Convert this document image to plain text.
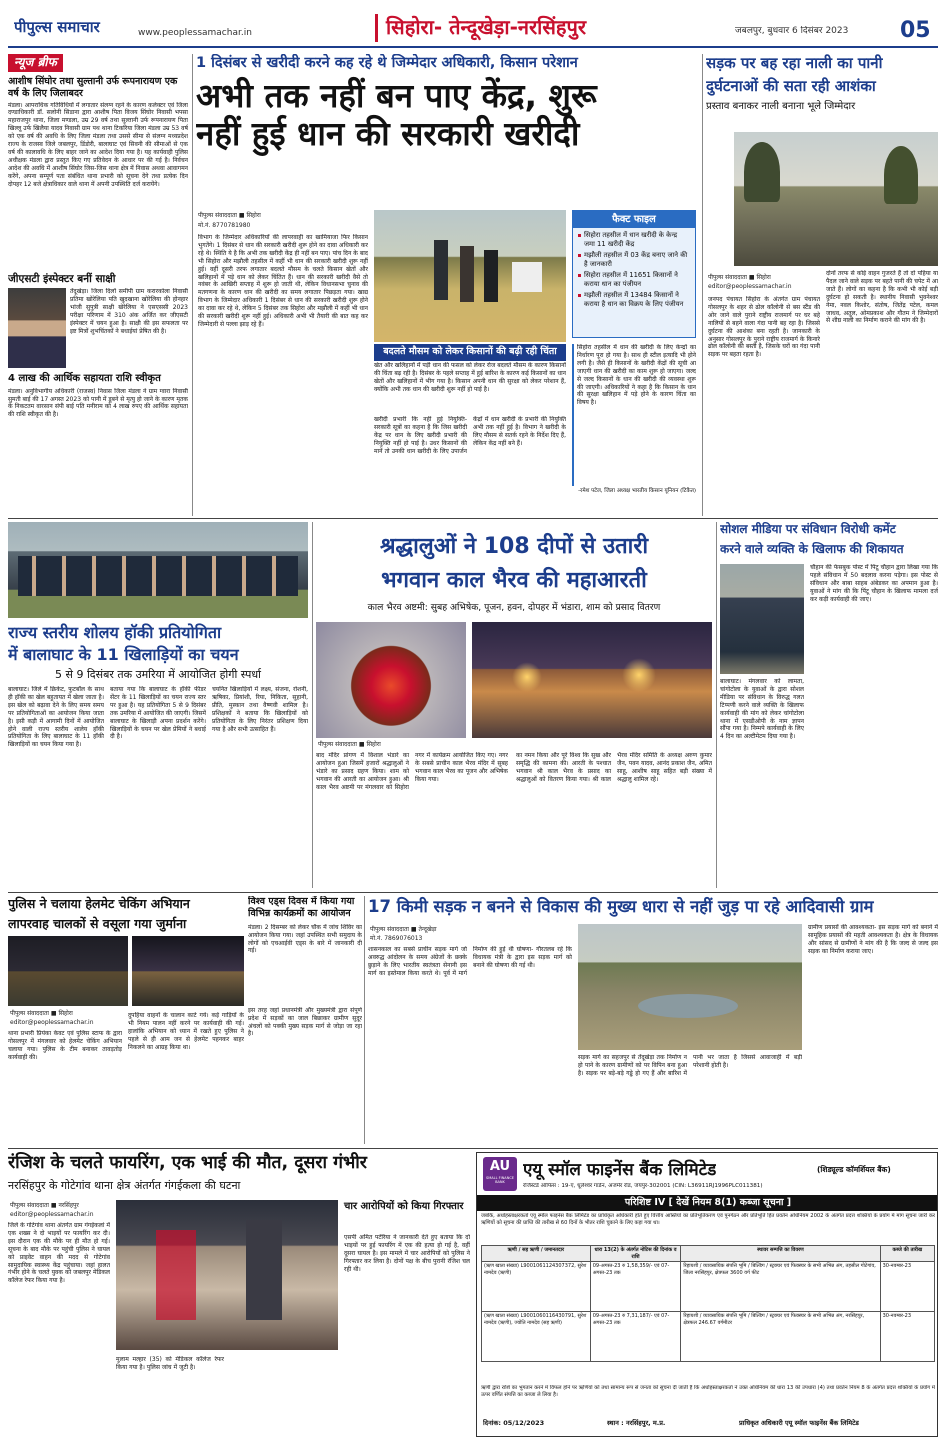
पीपुल्स समाचार	www.peoplessamachar.in	सिहोरा- तेन्दूखेड़ा-नरसिंहपुर	जबलपुर, बुधवार 6 दिसंबर 2023 05
न्यूज ब्रीफ
आशीष सिंघोर तथा सुल्तानी उर्फ रूपनारायण एक वर्ष के लिए जिलाबदर
मंडला। आपराधिक गतिविधियों में लगातार संलग्न रहने के कारण कलेक्टर एवं जिला दण्डाधिकारी डॉ. सलोनी सिडाना द्वारा आशीष पिता विजय सिंघोर निवासी भपसा महाराजपुर थाना, जिला मण्डला, उम्र 29 वर्ष तथा सुल्तानी उर्फ रूपनारायण पिता खिल्लू उर्फ खिलैया यादव निवासी ग्राम पथ थाना टिकरिया जिला मंडला उम्र 53 वर्ष को एक वर्ष की अवधि के लिए जिला मंडला तथा उससे सीमा से संलग्न मध्यप्रदेश राज्य के राजस्व जिले जबलपुर, डिंडोरी, बालाघाट एवं सिवनी की सीमाओं से एक वर्ष की कालावधि के लिए बाहर जाने का आदेश दिया गया है। यह कार्यवाही पुलिस अधीक्षक मंडला द्वारा प्रस्तुत किए गए प्रतिवेदन के आधार पर की गई है। निर्वचन आदेश की अवधि में आशीष सिंघोर जिस-जिस थाना क्षेत्र में निवास अथवा आवागमन करेंगे, अपना सम्पूर्ण पता संबंधित थाना प्रभारी को सूचना देंगे तथा प्रत्येक दिन दोपहर 12 बजे क्षेत्राधिकार वाले थाना में अपनी उपस्थिति दर्ज करायेंगे।
जीएसटी इंस्पेक्टर बनीं साक्षी
तेंदूखेड़ा। जिला दिलों समीपी ग्राम करारकोला निवासी प्रतिमा खोरेलिया पति खुदखाना खोरेलिया की होनहार भांजी सुपुत्री साक्षी खेरेलिया ने एसएससी 2023 परीक्षा परिणाम में 310 अंक अर्जित कर जीएसटी इंस्पेक्टर में चयन हुआ है। साक्षी की इस सफलता पर इष्ट मित्रों शुभचिंतकों ने बधाईयां प्रेषित की है।
4 लाख की आर्थिक सहायता राशि स्वीकृत
मंडला। अनुविभागीय अधिकारी (राजस्व) निवास जिला मंडला ने ग्राम ग्वारा निवासी सुमती बाई की 17 अगस्त 2023 को पानी में डूबने से मृत्यु हो जाने के कारण मृतक के निकटतम वारसान संपी बाई पति मनीराम को 4 लाख रुपए की आर्थिक सहायता की राशि स्वीकृत की है।
1 दिसंबर से खरीदी करने कह रहे थे जिम्मेदार अधिकारी, किसान परेशान
अभी तक नहीं बन पाए केंद्र, शुरू
नहीं हुई धान की सरकारी खरीदी
पीपुल्स संवाददाता ■ सिहोरा
मो.नं. 8770781980
विभाग के जिम्मेदार अधिकारियों की लापरवाही का खामियाजा फिर किसान भुगतेंगे। 1 दिसंबर से धान की सरकारी खरीदी शुरू होने का दावा अधिकारी कर रहे थे। स्थिति ये है कि अभी तक खरीदी केंद्र ही नहीं बन पाए। पांच दिन के बाद भी सिहोरा और मझौली तहसील में कहीं भी धान की सरकारी खरीदी शुरू नहीं हुई। वहीं दूसरी तरफ लगातार बदलते मौसम के चलते किसान खेतों और खलिहानों में पड़े धान को लेकर चिंतित हैं। धान की सरकारी खरीदी वैसे तो नवंबर के आखिरी सप्ताह में शुरू हो जाती थी, लेकिन विधानसभा चुनाव की मतगणना के कारण धान की खरीदी का समय लगातार पिछड़ता गया। खाद्य विभाग के जिम्मेदार अधिकारी 1 दिसंबर से धान की सरकारी खरीदी शुरू होने का दावा कर रहे थे, लेकिन 5 दिसंबर तक सिहोरा और मझौली में कहीं भी धान की सरकारी खरीदी शुरू नहीं हुई। अधिकारी अभी भी तैयारी की बात कह कर जिम्मेदारी से पल्ला झाड़ रहे हैं।
बदलते मौसम को लेकर किसानों की बढ़ी रही चिंता
खेत और खलिहानों में पड़ी धान की फसल को लेकर रोज बदलते मौसम के कारण किसानों की चिंता बढ़ रही है। दिसंबर के पहले सप्ताह में हुई बारिश के कारण कई किसानों का धान खेतों और खलिहानों में भीग गया है। किसान अपनी धान की सुरक्षा को लेकर परेशान हैं, क्योंकि अभी तक धान की खरीदी शुरू नहीं हो पाई है।
खरीदी प्रभारी कि नहीं हुई नियुक्ति- सरकारी सूत्रों का कहना है कि जिस खरीदी केंद्र पर धान के लिए खरीदी प्रभारी की नियुक्ति नहीं हो पाई है। उधर किसानों की मानें तो उनकी धान खरीदी के लिए उपार्जन केंद्रों में धान खरीदी के प्रभारी की नियुक्ति अभी तक नहीं हुई है। विभाग ने खरीदी के लिए मौसम से सतर्क रहने के निर्देश दिए हैं, लेकिन केंद्र नहीं बने हैं।
फैक्ट फाइल
सिहोरा तहसील में धान खरीदी के केन्द्र जमा 11 खरीदी केंद्र
मझौली तहसील में 03 केंद्र बनाए जाने की है जानकारी
सिहोरा तहसील में 11651 किसानों ने कराया धान का पंजीयन
मझौली तहसील में 13484 किसानों ने कराया है धान का विक्रय के लिए पंजीयन
सिहोरा तहसील में धान की खरीदी के लिए केन्द्रों का निर्धारण पूरा हो गया है। साथ ही स्टील इत्यादि भी होने लगी है। जैसे ही किसानों के खरीदी केंद्रों की सूची आ जाएगी धान की खरीदी का काम शुरू हो जाएगा। जल्द से जल्द किसानों के धान की खरीदी की व्यवस्था शुरू की जाएगी। अधिकारियों ने कहा है कि किसान के धान की सुरक्षा खलिहान में पड़े होने के कारण चिंता का विषय है।
-रमेश पटेल, जिला अध्यक्ष भारतीय किसान यूनियन (टिकैत)
सड़क पर बह रहा नाली का पानी
दुर्घटनाओं की सता रही आशंका
प्रस्ताव बनाकर नाली बनाना भूले जिम्मेदार
पीपुल्स संवाददाता ■ सिहोरा
editor@peoplessamachar.in
जनपद पंचायत सिहोरा के अंतर्गत ग्राम पंचायत गोसलपुर के शहर से ढोल कॉलोनी से बस स्टैंड की ओर जाने वाले पुराने राष्ट्रीय राजमार्ग पर घर बहे नालियों से बहने वाला गंदा पानी बह रहा है। जिससे दुर्घटना की आशंका बना रहती है। जानकारी के अनुसार गोसलपुर के पुराने राष्ट्रीय राजमार्ग के किनारे ढोल कॉलोनी की बस्ती है, जिसके घरों का गंदा पानी सड़क पर बहता रहता है।
दोनों तरफ से कोई वाहन गुजरते हैं तो दो पहिया या पैदल जाने वाले सड़क पर बहते पानी की चपेट में आ जाते हैं। लोगों का कहना है कि कभी भी कोई बड़ी दुर्घटना हो सकती है। स्थानीय निवासी भुवनेश्वर नेमा, नवल किशोर, संतोष, जितेंद्र पटेल, कमल जाधव, अतुल, ओमप्रकाश और गौतम ने जिम्मेदारों से शीघ्र नाली का निर्माण कराने की मांग की है।
राज्य स्तरीय शोलय हॉकी प्रतियोगिता
में बालाघाट के 11 खिलाड़ियों का चयन
5 से 9 दिसंबर तक उमरिया में आयोजित होगी स्पर्धा
बालाघाट। जिले में क्रिकेट, फुटबॉल के साथ ही हॉकी का खेल बहुतायत में खेला जाता है। इस खेल को बढ़ावा देने के लिए समय समय पर प्रतियोगिताओं का आयोजन किया जाता है। इसी कड़ी में आगामी दिनों में आयोजित होने वाली राज्य स्तरीय शालेय हॉकी प्रतियोगिता के लिए बालाघाट के 11 हॉकी खिलाड़ियों का चयन किया गया है।
बताया गया कि बालाघाट के हॉकी फीडर सेंटर के 11 खिलाड़ियों का चयन राज्य स्तर पर हुआ है। यह प्रतियोगिता 5 से 9 दिसंबर तक उमरिया में आयोजित की जाएगी। जिसमें बालाघाट के खिलाड़ी अपना प्रदर्शन करेंगे। खिलाड़ियों के चयन पर खेल प्रेमियों ने बधाई दी है।
चयनित खिलाड़ियों में लक्ष्य, संजना, रोशनी, ऋषिका, प्रियांशी, रिया, निकिता, सुहानी, प्रीति, मुस्कान तथा वैष्णवी शामिल है। प्रशिक्षकों ने बताया कि खिलाड़ियों को प्रतियोगिता के लिए निरंतर प्रशिक्षण दिया गया है और सभी उत्साहित हैं।
श्रद्धालुओं ने 108 दीपों से उतारी
भगवान काल भैरव की महाआरती
काल भैरव अष्टमी: सुबह अभिषेक, पूजन, हवन, दोपहर में भंडारा, शाम को प्रसाद वितरण
पीपुल्स संवाददाता ■ सिहोरा
बाद मंदिर प्रांगण में विशाल भंडारे का आयोजन हुआ जिसमें हजारों श्रद्धालुओं ने भंडारे का प्रसाद ग्रहण किया। शाम को भगवान की आरती का आयोजन हुआ। श्री काल भैरव अष्टमी पर मंगलवार को सिहोरा नगर में कार्यक्रम आयोजित किए गए। नगर के सबसे प्राचीन काल भैरव मंदिर में सुबह भगवान काल भैरव का पूजन और अभिषेक किया गया।
का नमन किया और पूरे विश्व कि सुख और समृद्धि की कामना की। आरती के पश्चात भगवान श्री काल भैरव के प्रसाद का श्रद्धालुओं को वितरण किया गया। श्री काल भैरव मंदिर समिति के अध्यक्ष अरुण कुमार जैन, पवन यादव, आनंद प्रकाश जैन, अमित साहू, आशीष साहू सहित बड़ी संख्या में श्रद्धालु शामिल रहे।
सोशल मीडिया पर संविधान विरोधी कमेंट
करने वाले व्यक्ति के खिलाफ की शिकायत
बालाघाट। मंगलवार को लामता, चांगोटोला के युवाओं के द्वारा सोशल मीडिया पर संविधान के विरुद्ध गलत टिप्पणी करने वाले व्यक्ति के खिलाफ कार्यवाही की मांग को लेकर चांगोटोला थाना में एसडीओपी के नाम ज्ञापन सौंपा गया है। निम्मपे कार्यवाही के लिए 4 दिन का अल्टीमेटम दिया गया है।
चौहान की फेसबुक पोस्ट में पिंटू चौहान द्वारा लिखा गया कि पहले संविधान में 50 बदलाव करना पड़ेगा। इस पोस्ट से संविधान और बाबा साहब अंबेडकर का अपमान हुआ है। युवाओं ने मांग की कि पिंटू चौहान के खिलाफ मामला दर्ज कर कड़ी कार्यवाही की जाए।
पुलिस ने चलाया हेलमेट चेकिंग अभियान
लापरवाह चालकों से वसूला गया जुर्माना
पीपुल्स संवाददाता ■ सिहोरा
editor@peoplessamachar.in
थाना प्रभारी प्रियंका केवट एवं पुलिस स्टाफ के द्वारा गोसलपुर में मंगलवार को हेलमेट चेकिंग अभियान चलाया गया। पुलिस के टीम बनाकर तावड़तोड़ कार्यवाही की।
दुपहिया वाहनों के चालान काटे गये। कई गाड़ियों के भी नियम पालन नहीं करने पर कार्यवाही की गई। हालांकि अभियान को ध्यान में रखते हुए पुलिस ने पहले से ही आम जन से हेलमेट पहनकर बाहर निकलने का आग्रह किया था।
विश्व एड्स दिवस में किया गया विभिन्न कार्यक्रमों का आयोजन
मंडला। 2 दिसम्बर को लेकर चौक में जांच शिविर का आयोजन किया गया। जहां उपस्थित सभी समुदाय के लोगों को एचआईवी एड्स के बारे में जानकारी दी गई।
इस तरह जहां प्रधानमंत्री और मुख्यमंत्री द्वारा संपूर्ण प्रदेश में सड़कों का जाल बिछाकर ग्रामीण सुदूर अंचलों को पक्की मुख्य सड़क मार्ग से जोड़ा जा रहा है।
17 किमी सड़क न बनने से विकास की मुख्य धारा से नहीं जुड़ पा रहे आदिवासी ग्राम
पीपुल्स संवाददाता ■ तेन्दूखेड़ा
मो.नं. 7869076013
शासनकाल का सबसे प्राचीन सड़क मार्ग जो अवरुद्ध आंदोलन के समय अंग्रेजों के छक्के छुड़ाने के लिए भारतीय स्वतंत्रता सेनानी इस मार्ग का इस्तेमाल किया करते थे। पूर्व में मार्ग निर्माण की हुई थी घोषणा- गौरतलब रहे कि विधायक मंत्री के द्वारा इस सड़क मार्ग को बनाने की घोषणा की गई थी।
सड़क मार्ग का सहजपुर से तेंदूखेड़ा तक निर्माण न हो पाने के कारण ग्रामीणों को पर विपिन बना हुआ है। सड़क पर बड़े-बड़े गड्ढे हो गए हैं और बारिश में पानी भर जाता है जिससे आवाजाही में बड़ी परेशानी होती है।
ग्रामीण प्रयासों की आवश्यकता- इस सड़क मार्ग को बनाने में सामूहिक प्रयासों की महती आवश्यकता है। क्षेत्र के विधायक और सांसद से ग्रामीणों ने मांग की है कि जल्द से जल्द इस सड़क का निर्माण कराया जाए।
रंजिश के चलते फायरिंग, एक भाई की मौत, दूसरा गंभीर
नरसिंहपुर के गोटेगांव थाना क्षेत्र अंतर्गत गंगईकला की घटना
पीपुल्स संवाददाता ■ नरसिंहपुर
editor@peoplessamachar.in
जिले के गोटेगांव थाना अंतर्गत ग्राम गंगईकलां में एक शख्स ने दो भाइयों पर फायरिंग कर दी। इस दौरान एक की मौके पर ही मौत हो गई। सूचना के बाद मौके पर पहुंची पुलिस ने घायल को प्राइवेट वाहन की मदद से गोटेगांव सामुदायिक स्वास्थ्य केंद्र पहुंचाया। जहां हालत गंभीर होने के चलते युवक को जबलपुर मेडिकल कॉलेज रेफर किया गया है।
मुलाम मल्हार (35) को मेडिकल कॉलेज रेफर किया गया है। पुलिस जांच में जुटी है।
चार आरोपियों को किया गिरफ्तार
एसपी अमित पटेरिया ने जानकारी देते हुए बताया कि दो भाइयों पर हुई फायरिंग में एक की हत्या हो गई है, वहीं दूसरा घायल है। इस मामले में चार आरोपियों को पुलिस ने गिरफ्तार कर लिया है। दोनों पक्ष के बीच पुरानी रंजिश चल रही थी।
AU
SMALL FINANCE BANK
एयू स्मॉल फाइनेंस बैंक लिमिटेड	(शिड्यूल्ड कॉमर्शियल बैंक)
रजिस्टर्ड ऑफिस : 19-ए, धूलेश्वर गार्डन, अजमेर रोड, जयपुर-302001 (CIN: L36911RJ1996PLC011381)
परिशिष्ट IV [ देखें नियम 8(1) कब्जा सूचना ]
जबकि, अधोहस्ताक्षरकर्ता एयू स्मॉल फाइनेंस बैंक लिमिटेड का प्राधिकृत अधिकारी होते हुए वित्तीय आस्तियों का प्रतिभूतिकरण एवं पुनर्गठन और प्रतिभूति हित प्रवर्तन अधिनियम 2002 के अंतर्गत प्रदत्त शक्तियों के प्रयोग में मांग सूचना जारी कर ऋणियों को सूचना की प्राप्ति की तारीख से 60 दिनों के भीतर राशि चुकाने के लिए कहा गया था।
ऋणी / सह ऋणी / जमानतदार	धारा 13(2) के अंतर्गत नोटिस की दिनांक व राशि	स्थावर सम्पत्ति का विवरण	कब्जे की तारीख
(ऋण खाता संख्या) L9001061124307372, सुरेश नामदेव (ऋणी)	09-अगस्त-23 रु 1,58,359/- एवं 07-अगस्त-23 तक	रिहायशी / व्यावसायिक संपत्ति भूमि / बिल्डिंग / स्ट्रक्चर एवं फिक्स्चर के सभी अभिन्न अंग, तहसील गोटेगांव, जिला नरसिंहपुर, क्षेत्रफल 3600 वर्ग फीट	30-नवम्बर-23
(ऋण खाता संख्या) L9001060116430791, सुरेश नामदेव (ऋणी), ज्योति नामदेव (सह ऋणी)	09-अगस्त-23 रु 7,31,187/- एवं 07-अगस्त-23 तक	रिहायशी / व्यावसायिक संपत्ति भूमि / बिल्डिंग / स्ट्रक्चर एवं फिक्स्चर के सभी अभिन्न अंग, नरसिंहपुर, क्षेत्रफल 246.67 वर्गमीटर	30-नवम्बर-23
ऋणी द्वारा राशि का भुगतान करने में विफल होने पर ऋणियों को तथा सामान्य रूप से जनता को सूचना दी जाती है कि अधोहस्ताक्षरकर्ता ने उक्त अधिनियम की धारा 13 की उपधारा (4) तथा प्रवर्तन नियम 8 के अंतर्गत प्रदत्त शक्तियों के प्रयोग में ऊपर वर्णित संपत्ति का कब्जा ले लिया है।
दिनांक: 05/12/2023	स्थान : नरसिंहपुर, म.प्र.	प्राधिकृत अधिकारी एयू स्मॉल फाइनेंस बैंक लिमिटेड
